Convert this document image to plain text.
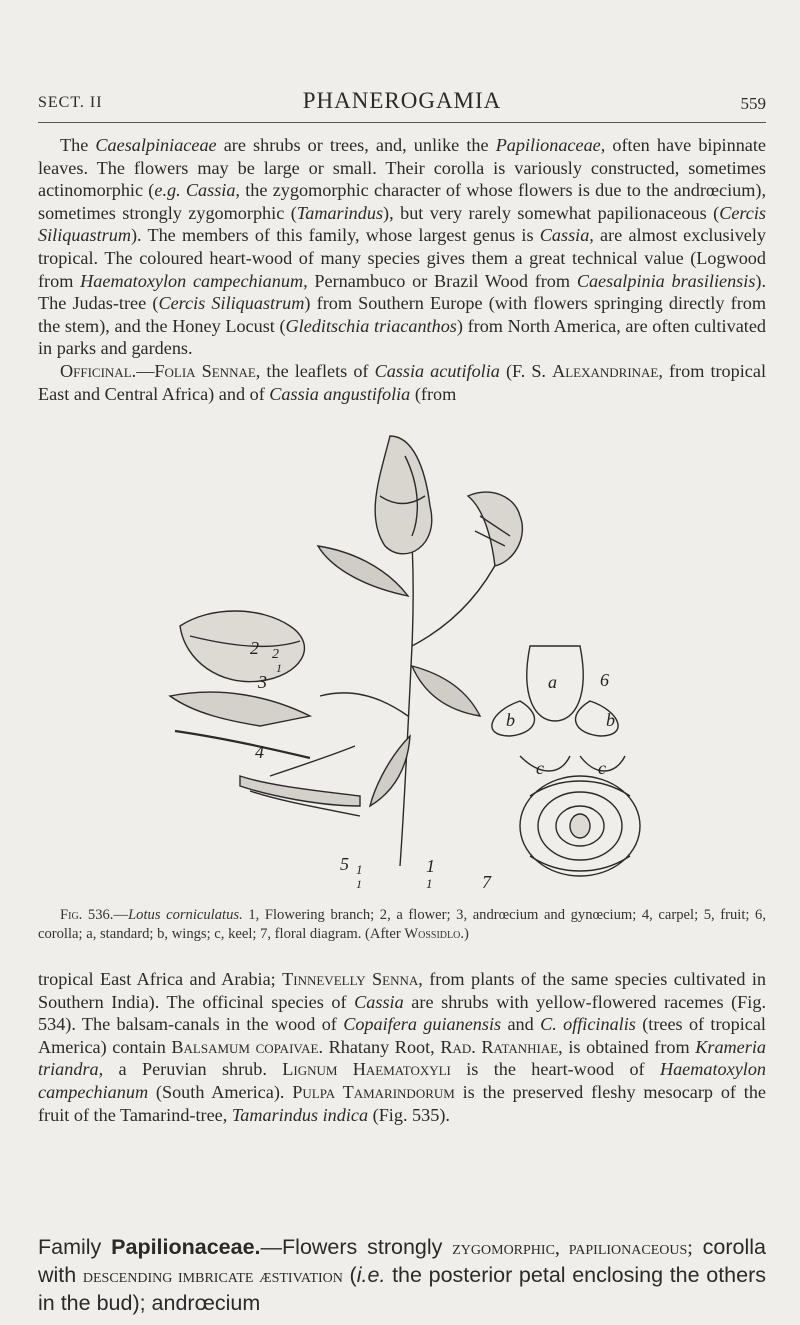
SECT. II	PHANEROGAMIA	559

The Caesalpiniaceae are shrubs or trees, and, unlike the Papilionaceae, often have bipinnate leaves. The flowers may be large or small. Their corolla is variously constructed, sometimes actinomorphic (e.g. Cassia, the zygomorphic character of whose flowers is due to the andrœcium), sometimes strongly zygomorphic (Tamarindus), but very rarely somewhat papilionaceous (Cercis Siliquastrum). The members of this family, whose largest genus is Cassia, are almost exclusively tropical. The coloured heart-wood of many species gives them a great technical value (Logwood from Haematoxylon campechianum, Pernambuco or Brazil Wood from Caesalpinia brasiliensis). The Judas-tree (Cercis Siliquastrum) from Southern Europe (with flowers springing directly from the stem), and the Honey Locust (Gleditschia triacanthos) from North America, are often cultivated in parks and gardens.

Officinal.—Folia Sennae, the leaflets of Cassia acutifolia (F. S. Alexandrinae, from tropical East and Central Africa) and of Cassia angustifolia (from

2 2
1
3
4
5 1
1
1
1	7
a 6
b	b
c	c
Fig. 536.—Lotus corniculatus. 1, Flowering branch; 2, a flower; 3, andrœcium and gynœcium; 4, carpel; 5, fruit; 6, corolla; a, standard; b, wings; c, keel; 7, floral diagram. (After Wossidlo.)

tropical East Africa and Arabia; Tinnevelly Senna, from plants of the same species cultivated in Southern India). The officinal species of Cassia are shrubs with yellow-flowered racemes (Fig. 534). The balsam-canals in the wood of Copaifera guianensis and C. officinalis (trees of tropical America) contain Balsamum copaivae. Rhatany Root, Rad. Ratanhiae, is obtained from Krameria triandra, a Peruvian shrub. Lignum Haematoxyli is the heart-wood of Haematoxylon campechianum (South America). Pulpa Tamarindorum is the preserved fleshy mesocarp of the fruit of the Tamarind-tree, Tamarindus indica (Fig. 535).

Family Papilionaceae.—Flowers strongly zygomorphic, papilionaceous; corolla with descending imbricate æstivation (i.e. the posterior petal enclosing the others in the bud); andrœcium
